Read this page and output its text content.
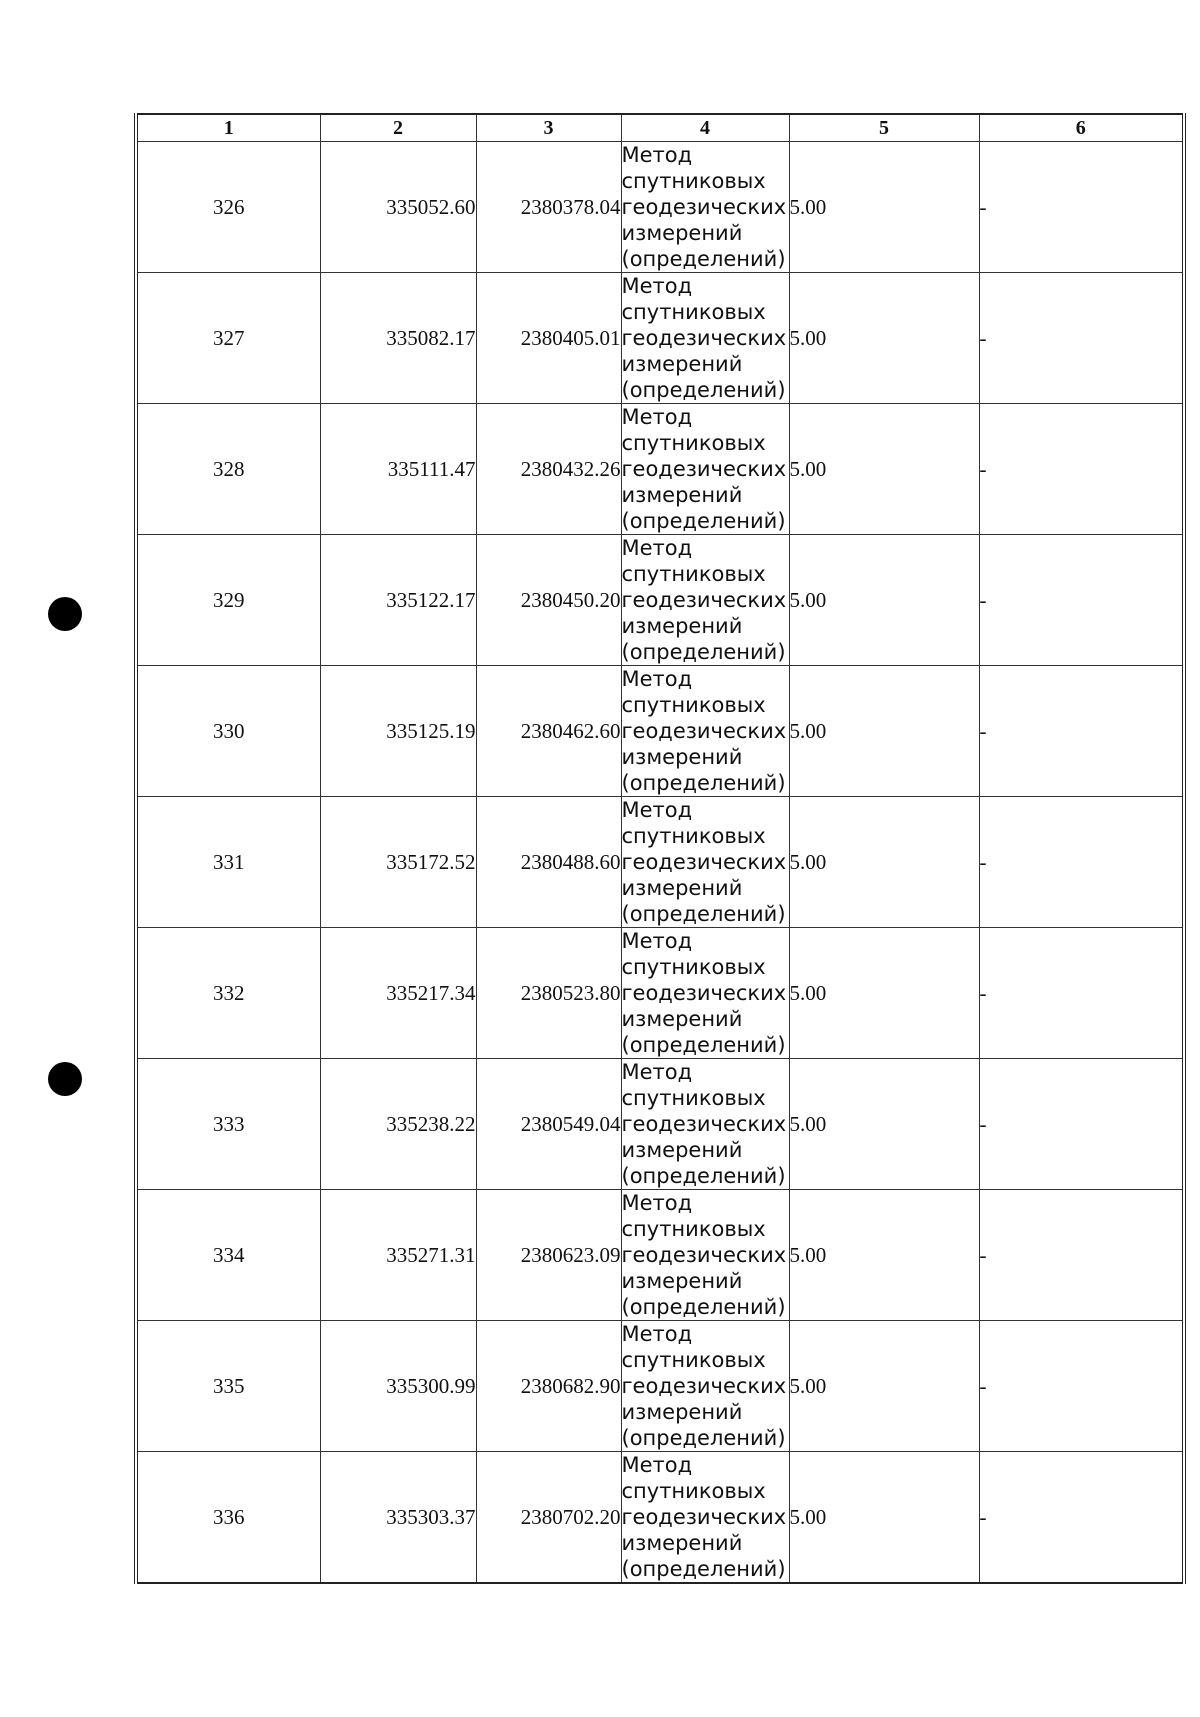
1	2	3	4	5	6
326	335052.60	2380378.04	Метод
спутниковых
геодезических
измерений
(определений)	5.00	-
327	335082.17	2380405.01	Метод
спутниковых
геодезических
измерений
(определений)	5.00	-
328	335111.47	2380432.26	Метод
спутниковых
геодезических
измерений
(определений)	5.00	-
329	335122.17	2380450.20	Метод
спутниковых
геодезических
измерений
(определений)	5.00	-
330	335125.19	2380462.60	Метод
спутниковых
геодезических
измерений
(определений)	5.00	-
331	335172.52	2380488.60	Метод
спутниковых
геодезических
измерений
(определений)	5.00	-
332	335217.34	2380523.80	Метод
спутниковых
геодезических
измерений
(определений)	5.00	-
333	335238.22	2380549.04	Метод
спутниковых
геодезических
измерений
(определений)	5.00	-
334	335271.31	2380623.09	Метод
спутниковых
геодезических
измерений
(определений)	5.00	-
335	335300.99	2380682.90	Метод
спутниковых
геодезических
измерений
(определений)	5.00	-
336	335303.37	2380702.20	Метод
спутниковых
геодезических
измерений
(определений)	5.00	-
